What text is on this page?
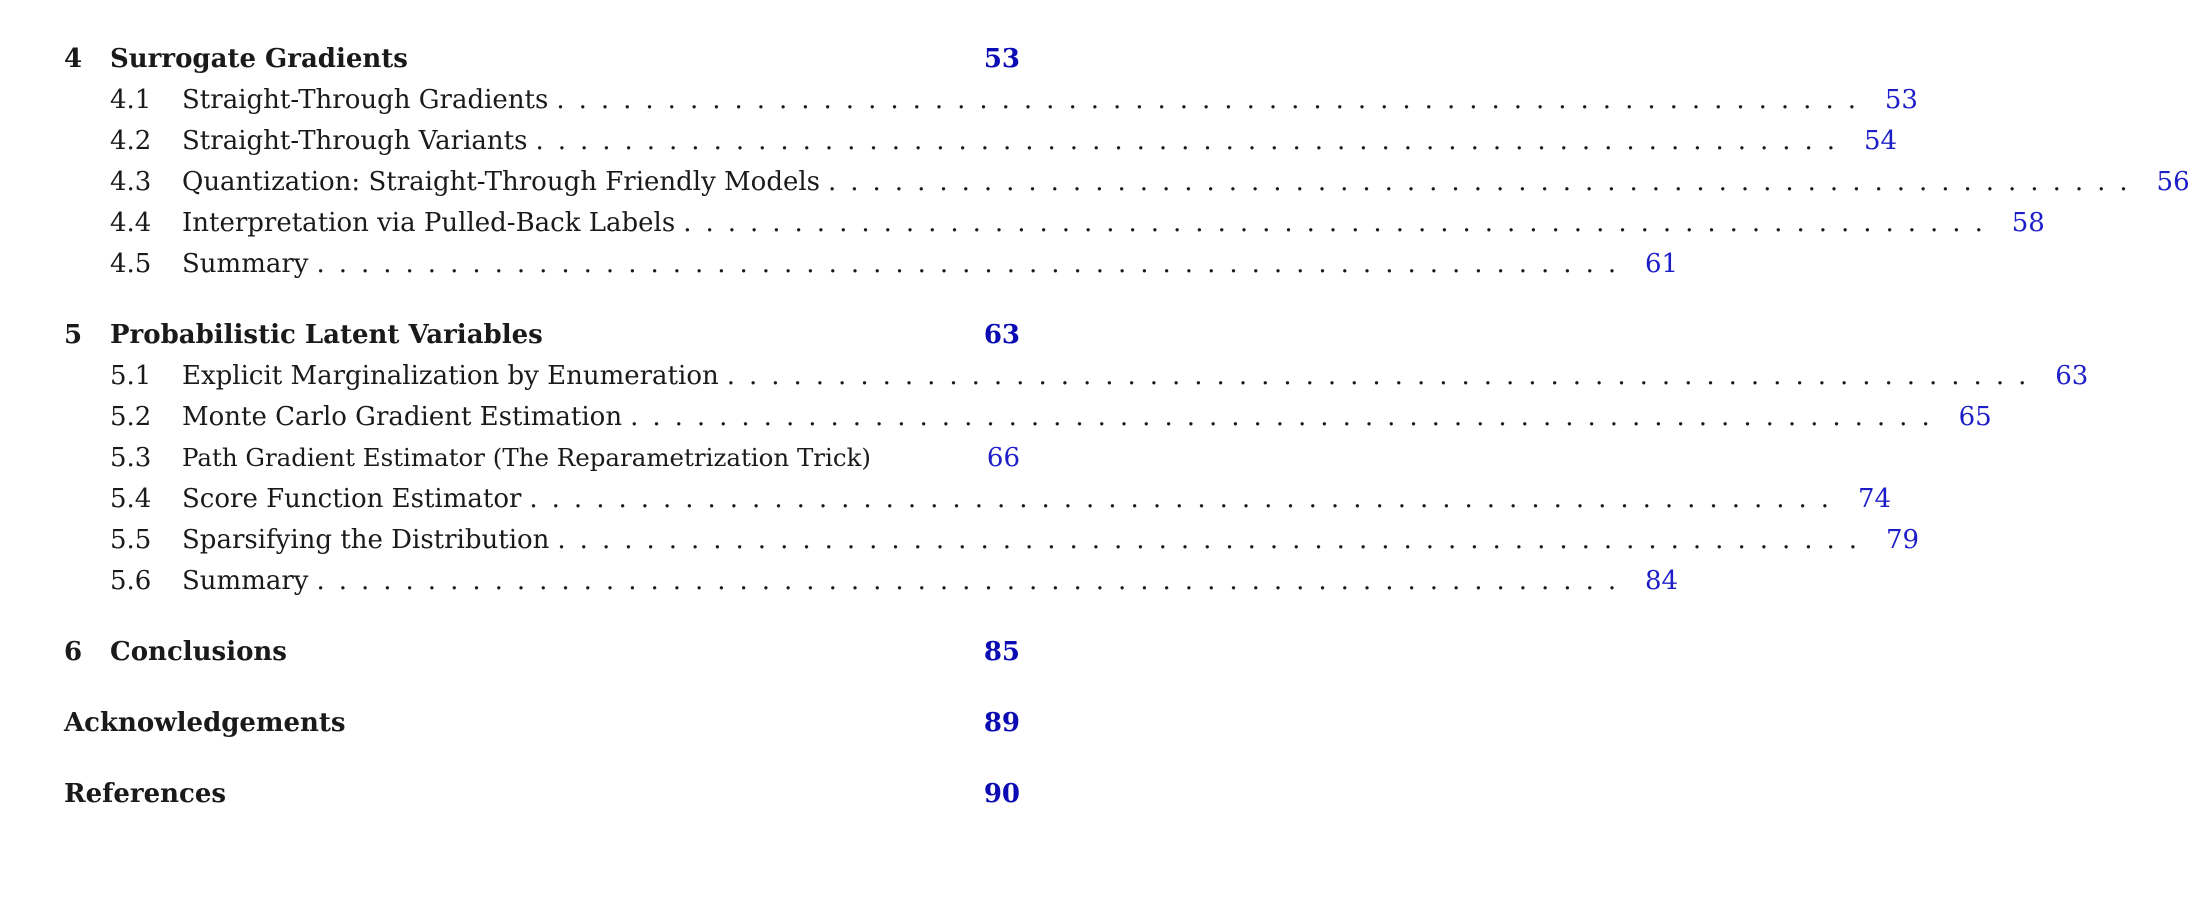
4	Surrogate Gradients	53
4.1	Straight-Through Gradients ........................................................... 53
4.2	Straight-Through Variants ........................................................... 54
4.3	Quantization: Straight-Through Friendly Models ........................................................... 56
4.4	Interpretation via Pulled-Back Labels ........................................................... 58
4.5	Summary ........................................................... 61
5	Probabilistic Latent Variables	63
5.1	Explicit Marginalization by Enumeration ........................................................... 63
5.2	Monte Carlo Gradient Estimation ........................................................... 65
5.3	Path Gradient Estimator (The Reparametrization Trick)	66
5.4	Score Function Estimator ........................................................... 74
5.5	Sparsifying the Distribution ........................................................... 79
5.6	Summary ........................................................... 84
6	Conclusions	85
Acknowledgements	89
References	90
